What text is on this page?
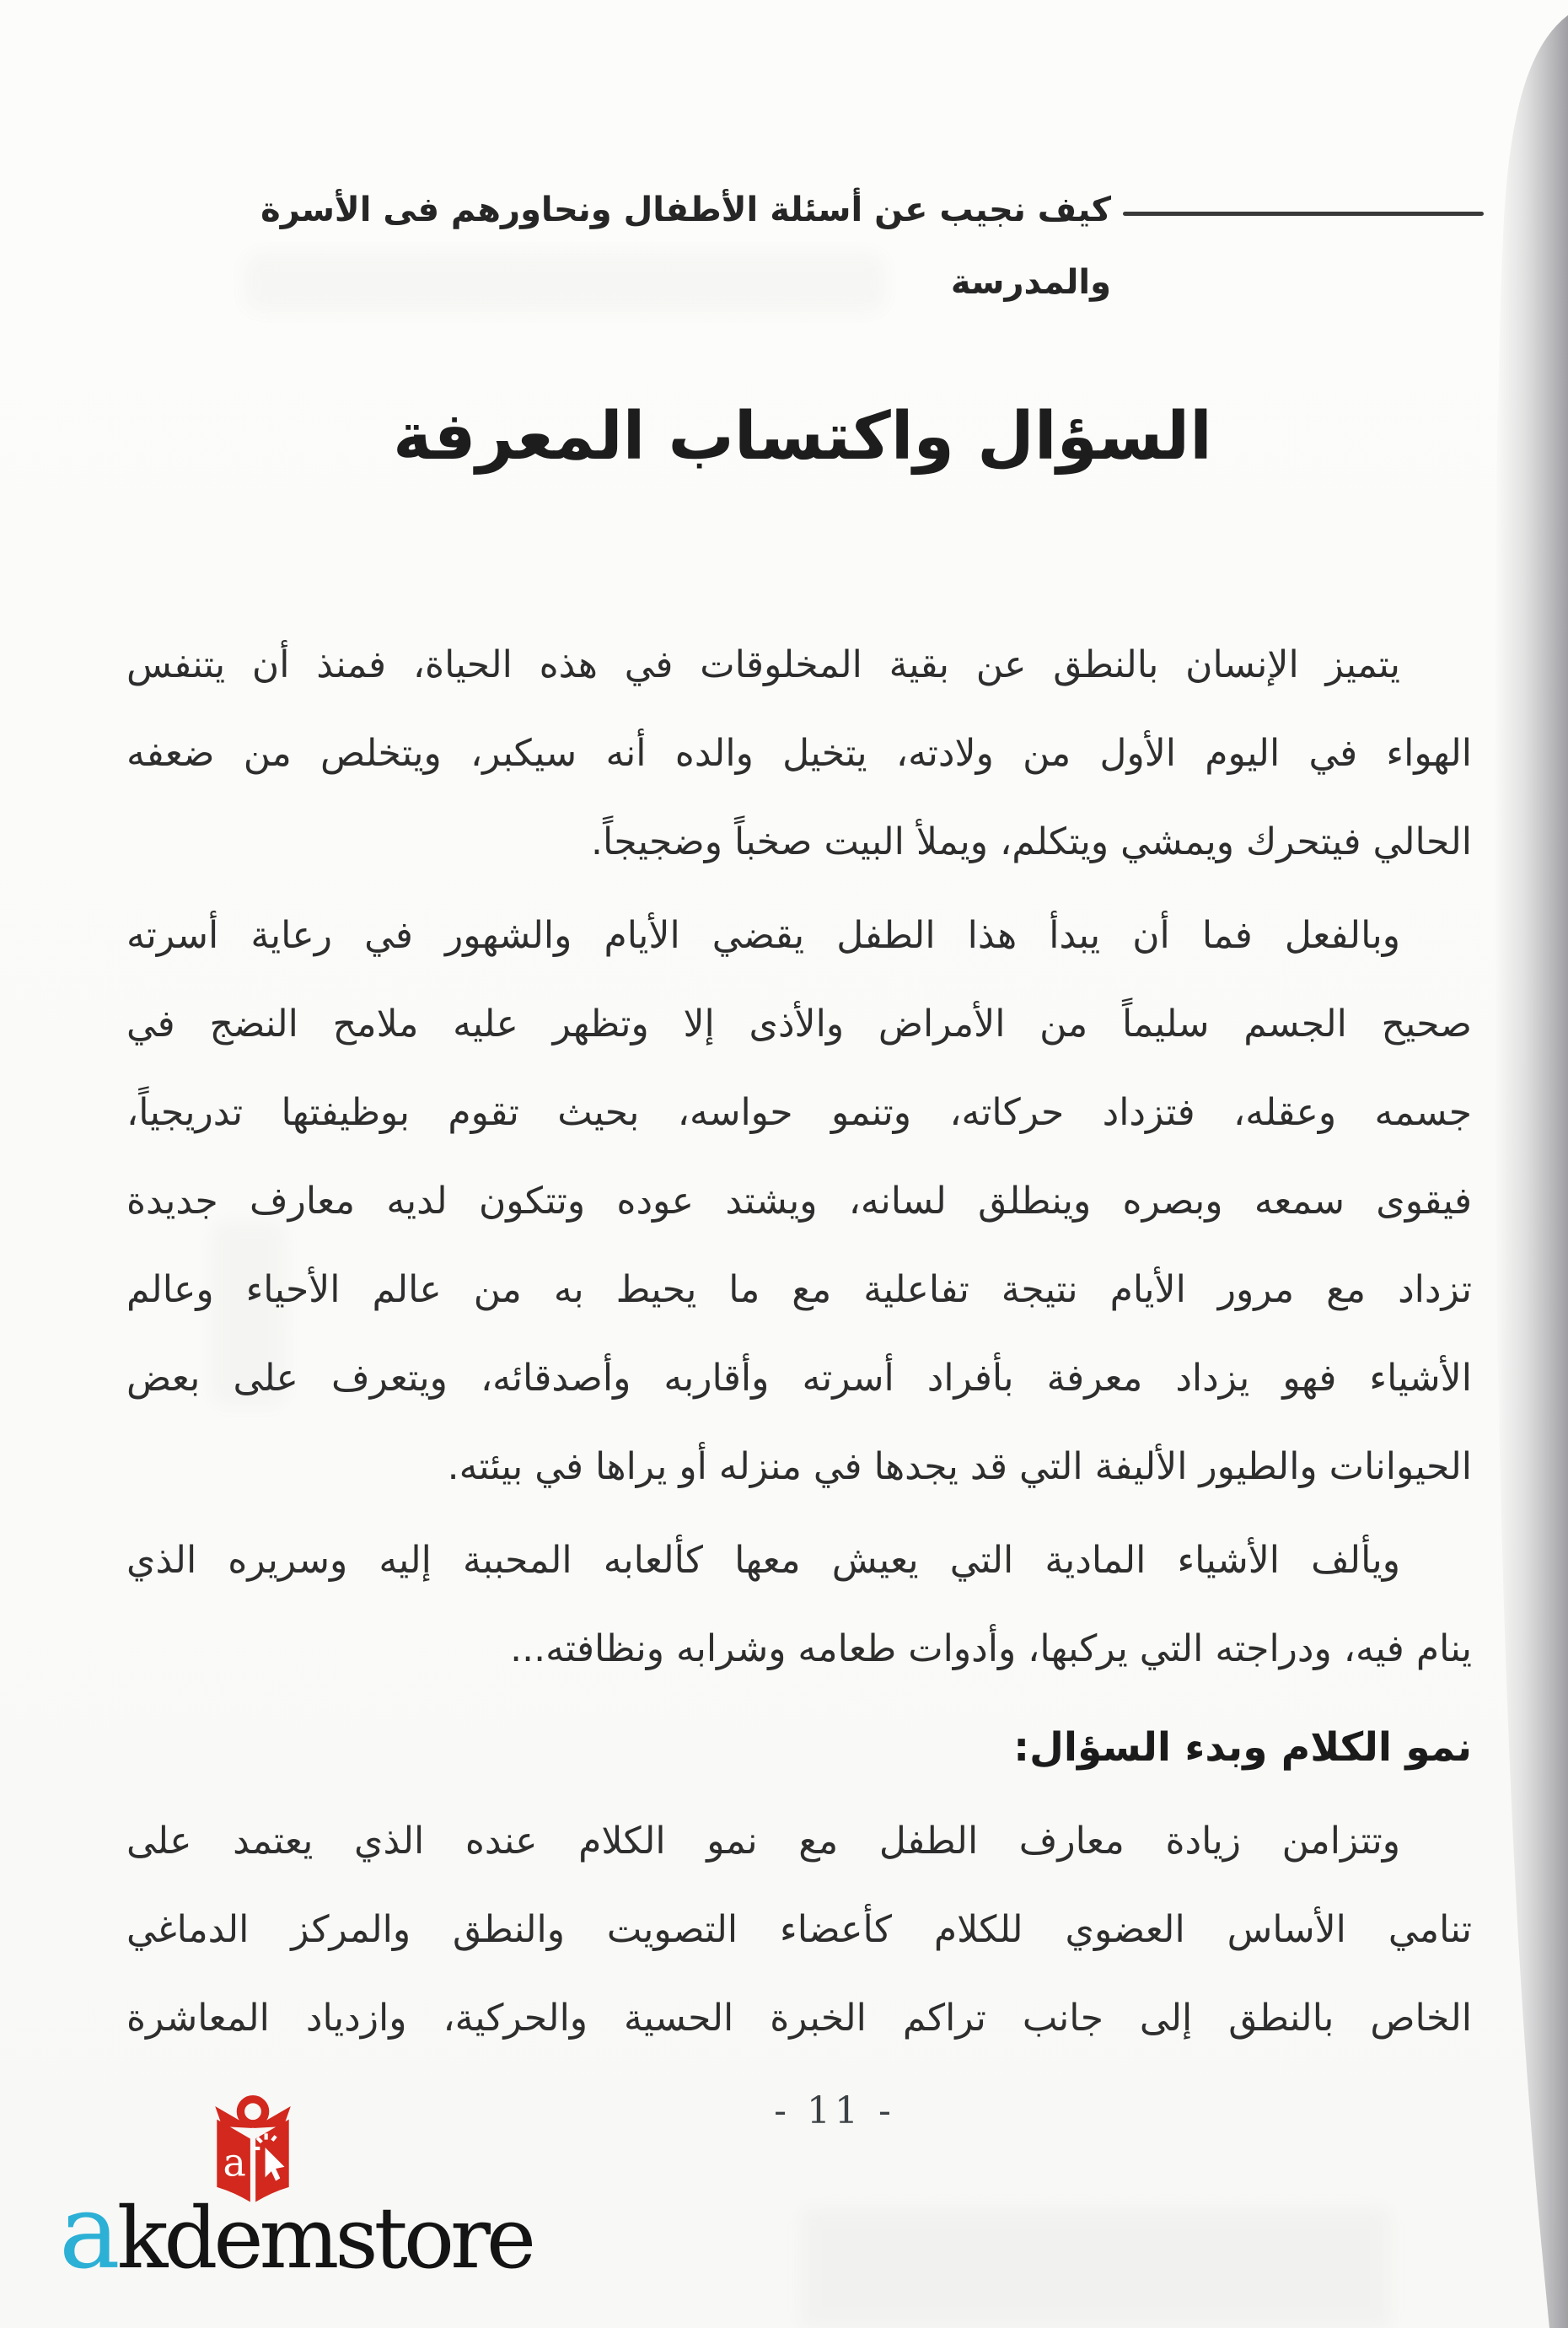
كيف نجيب عن أسئلة الأطفال ونحاورهم فى الأسرة والمدرسة
السؤال واكتساب المعرفة
يتميز الإنسان بالنطق عن بقية المخلوقات في هذه الحياة، فمنذ أن يتنفس
الهواء في اليوم الأول من ولادته، يتخيل والده أنه سيكبر، ويتخلص من ضعفه
الحالي فيتحرك ويمشي ويتكلم، ويملأ البيت صخباً وضجيجاً.
وبالفعل فما أن يبدأ هذا الطفل يقضي الأيام والشهور في رعاية أسرته
صحيح الجسم سليماً من الأمراض والأذى إلا وتظهر عليه ملامح النضج في
جسمه وعقله، فتزداد حركاته، وتنمو حواسه، بحيث تقوم بوظيفتها تدريجياً،
فيقوى سمعه وبصره وينطلق لسانه، ويشتد عوده وتتكون لديه معارف جديدة
تزداد مع مرور الأيام نتيجة تفاعلية مع ما يحيط به من عالم الأحياء وعالم
الأشياء فهو يزداد معرفة بأفراد أسرته وأقاربه وأصدقائه، ويتعرف على بعض
الحيوانات والطيور الأليفة التي قد يجدها في منزله أو يراها في بيئته.
ويألف الأشياء المادية التي يعيش معها كألعابه المحببة إليه وسريره الذي
ينام فيه، ودراجته التي يركبها، وأدوات طعامه وشرابه ونظافته...
نمو الكلام وبدء السؤال:
وتتزامن زيادة معارف الطفل مع نمو الكلام عنده الذي يعتمد على
تنامي الأساس العضوي للكلام كأعضاء التصويت والنطق والمركز الدماغي
الخاص بالنطق إلى جانب تراكم الخبرة الحسية والحركية، وازدياد المعاشرة
- 11 -
a
a kdemstore
